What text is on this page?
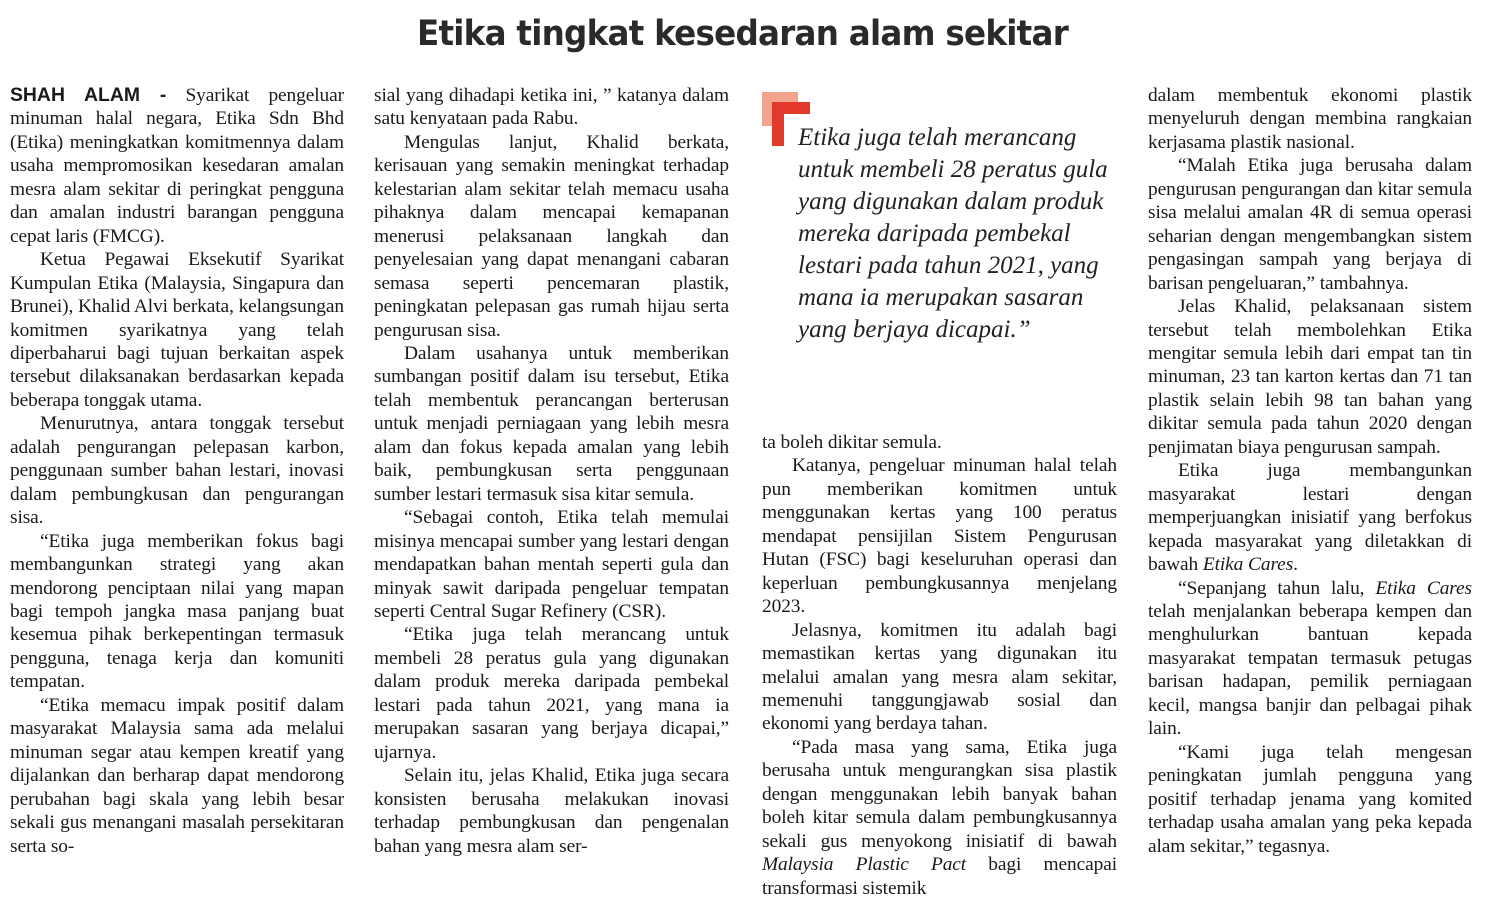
Etika tingkat kesedaran alam sekitar

SHAH ALAM - Syarikat pengeluar minuman halal negara, Etika Sdn Bhd (Etika) meningkatkan komitmennya dalam usaha mempromosikan kesedaran amalan mesra alam sekitar di peringkat pengguna dan amalan industri barangan pengguna cepat laris (FMCG).

Ketua Pegawai Eksekutif Syarikat Kumpulan Etika (Malaysia, Singapura dan Brunei), Khalid Alvi berkata, kelangsungan komitmen syarikatnya yang telah diperbaharui bagi tujuan berkaitan aspek tersebut dilaksanakan berdasarkan kepada beberapa tonggak utama.

Menurutnya, antara tonggak tersebut adalah pengurangan pelepasan karbon, penggunaan sumber bahan lestari, inovasi dalam pembungkusan dan pengurangan sisa.

“Etika juga memberikan fokus bagi membangunkan strategi yang akan mendorong penciptaan nilai yang mapan bagi tempoh jangka masa panjang buat kesemua pihak berkepentingan termasuk pengguna, tenaga kerja dan komuniti tempatan.

“Etika memacu impak positif dalam masyarakat Malaysia sama ada melalui minuman segar atau kempen kreatif yang dijalankan dan berharap dapat mendorong perubahan bagi skala yang lebih besar sekali gus menangani masalah persekitaran serta so-

sial yang dihadapi ketika ini, ” katanya dalam satu kenyataan pada Rabu.

Mengulas lanjut, Khalid berkata, kerisauan yang semakin meningkat terhadap kelestarian alam sekitar telah memacu usaha pihaknya dalam mencapai kemapanan menerusi pelaksanaan langkah dan penyelesaian yang dapat menangani cabaran semasa seperti pencemaran plastik, peningkatan pelepasan gas rumah hijau serta pengurusan sisa.

Dalam usahanya untuk memberikan sumbangan positif dalam isu tersebut, Etika telah membentuk perancangan berterusan untuk menjadi perniagaan yang lebih mesra alam dan fokus kepada amalan yang lebih baik, pembungkusan serta penggunaan sumber lestari termasuk sisa kitar semula.

“Sebagai contoh, Etika telah memulai misinya mencapai sumber yang lestari dengan mendapatkan bahan mentah seperti gula dan minyak sawit daripada pengeluar tempatan seperti Central Sugar Refinery (CSR).

“Etika juga telah merancang untuk membeli 28 peratus gula yang digunakan dalam produk mereka daripada pembekal lestari pada tahun 2021, yang mana ia merupakan sasaran yang berjaya dicapai,” ujarnya.

Selain itu, jelas Khalid, Etika juga secara konsisten berusaha melakukan inovasi terhadap pembungkusan dan pengenalan bahan yang mesra alam ser-

Etika juga telah merancang untuk membeli 28 peratus gula yang digunakan dalam produk mereka daripada pembekal lestari pada tahun 2021, yang mana ia merupakan sasaran yang berjaya dicapai.”

ta boleh dikitar semula.

Katanya, pengeluar minuman halal telah pun memberikan komitmen untuk menggunakan kertas yang 100 peratus mendapat pensijilan Sistem Pengurusan Hutan (FSC) bagi keseluruhan operasi dan keperluan pembungkusannya menjelang 2023.

Jelasnya, komitmen itu adalah bagi memastikan kertas yang digunakan itu melalui amalan yang mesra alam sekitar, memenuhi tanggungjawab sosial dan ekonomi yang berdaya tahan.

“Pada masa yang sama, Etika juga berusaha untuk mengurangkan sisa plastik dengan menggunakan lebih banyak bahan boleh kitar semula dalam pembungkusannya sekali gus menyokong inisiatif di bawah Malaysia Plastic Pact bagi mencapai transformasi sistemik

dalam membentuk ekonomi plastik menyeluruh dengan membina rangkaian kerjasama plastik nasional.

“Malah Etika juga berusaha dalam pengurusan pengurangan dan kitar semula sisa melalui amalan 4R di semua operasi seharian dengan mengembangkan sistem pengasingan sampah yang berjaya di barisan pengeluaran,” tambahnya.

Jelas Khalid, pelaksanaan sistem tersebut telah membolehkan Etika mengitar semula lebih dari empat tan tin minuman, 23 tan karton kertas dan 71 tan plastik selain lebih 98 tan bahan yang dikitar semula pada tahun 2020 dengan penjimatan biaya pengurusan sampah.

Etika juga membangunkan masyarakat lestari dengan memperjuangkan inisiatif yang berfokus kepada masyarakat yang diletakkan di bawah Etika Cares.

“Sepanjang tahun lalu, Etika Cares telah menjalankan beberapa kempen dan menghulurkan bantuan kepada masyarakat tempatan termasuk petugas barisan hadapan, pemilik perniagaan kecil, mangsa banjir dan pelbagai pihak lain.

“Kami juga telah mengesan peningkatan jumlah pengguna yang positif terhadap jenama yang komited terhadap usaha amalan yang peka kepada alam sekitar,” tegasnya.
